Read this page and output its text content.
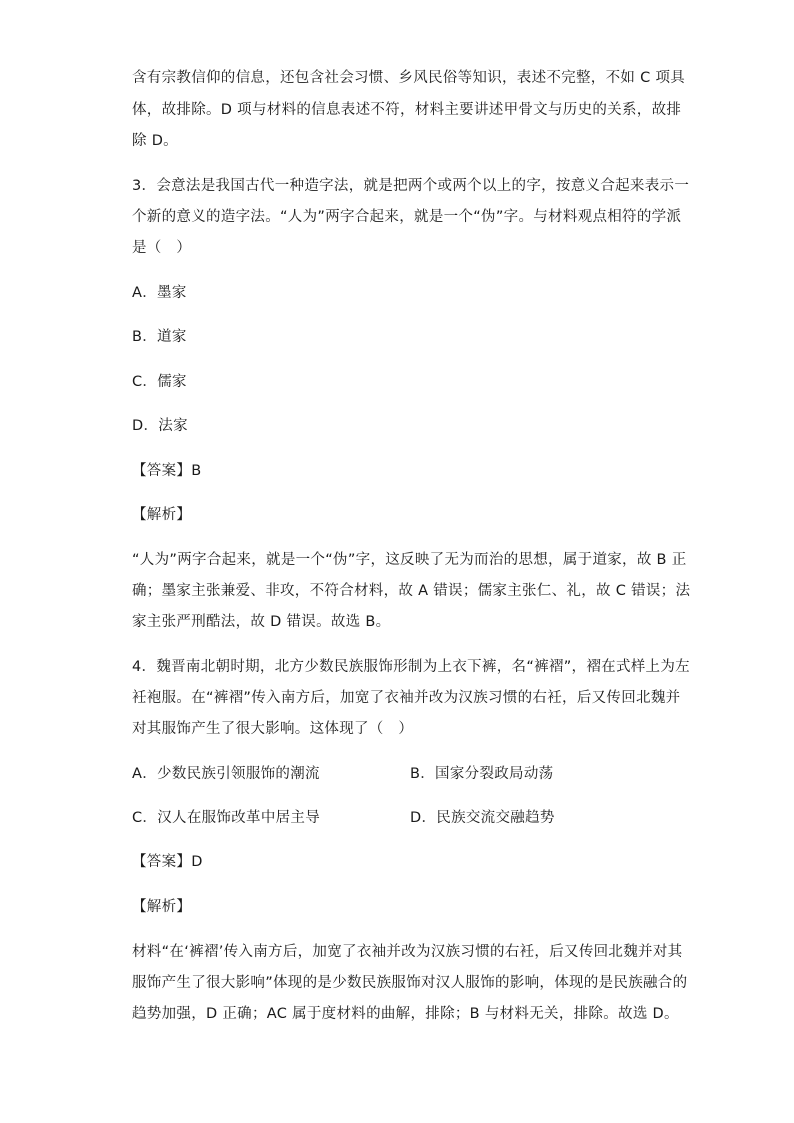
含有宗教信仰的信息，还包含社会习惯、乡风民俗等知识，表述不完整，不如 C 项具
体，故排除。D 项与材料的信息表述不符，材料主要讲述甲骨文与历史的关系，故排
除 D。
3．会意法是我国古代一种造字法，就是把两个或两个以上的字，按意义合起来表示一
个新的意义的造字法。“人为”两字合起来，就是一个“伪”字。与材料观点相符的学派
是（　）
A．墨家
B．道家
C．儒家
D．法家
【答案】B
【解析】
“人为”两字合起来，就是一个“伪”字，这反映了无为而治的思想，属于道家，故 B 正
确；墨家主张兼爱、非攻，不符合材料，故 A 错误；儒家主张仁、礼，故 C 错误；法
家主张严刑酷法，故 D 错误。故选 B。
4．魏晋南北朝时期，北方少数民族服饰形制为上衣下裤，名“裤褶”，褶在式样上为左
衽袍服。在“裤褶”传入南方后，加宽了衣袖并改为汉族习惯的右衽，后又传回北魏并
对其服饰产生了很大影响。这体现了（　）
A．少数民族引领服饰的潮流	B．国家分裂政局动荡
C．汉人在服饰改革中居主导	D．民族交流交融趋势
【答案】D
【解析】
材料“在‘裤褶’传入南方后，加宽了衣袖并改为汉族习惯的右衽，后又传回北魏并对其
服饰产生了很大影响”体现的是少数民族服饰对汉人服饰的影响，体现的是民族融合的
趋势加强，D 正确；AC 属于度材料的曲解，排除；B 与材料无关，排除。故选 D。
